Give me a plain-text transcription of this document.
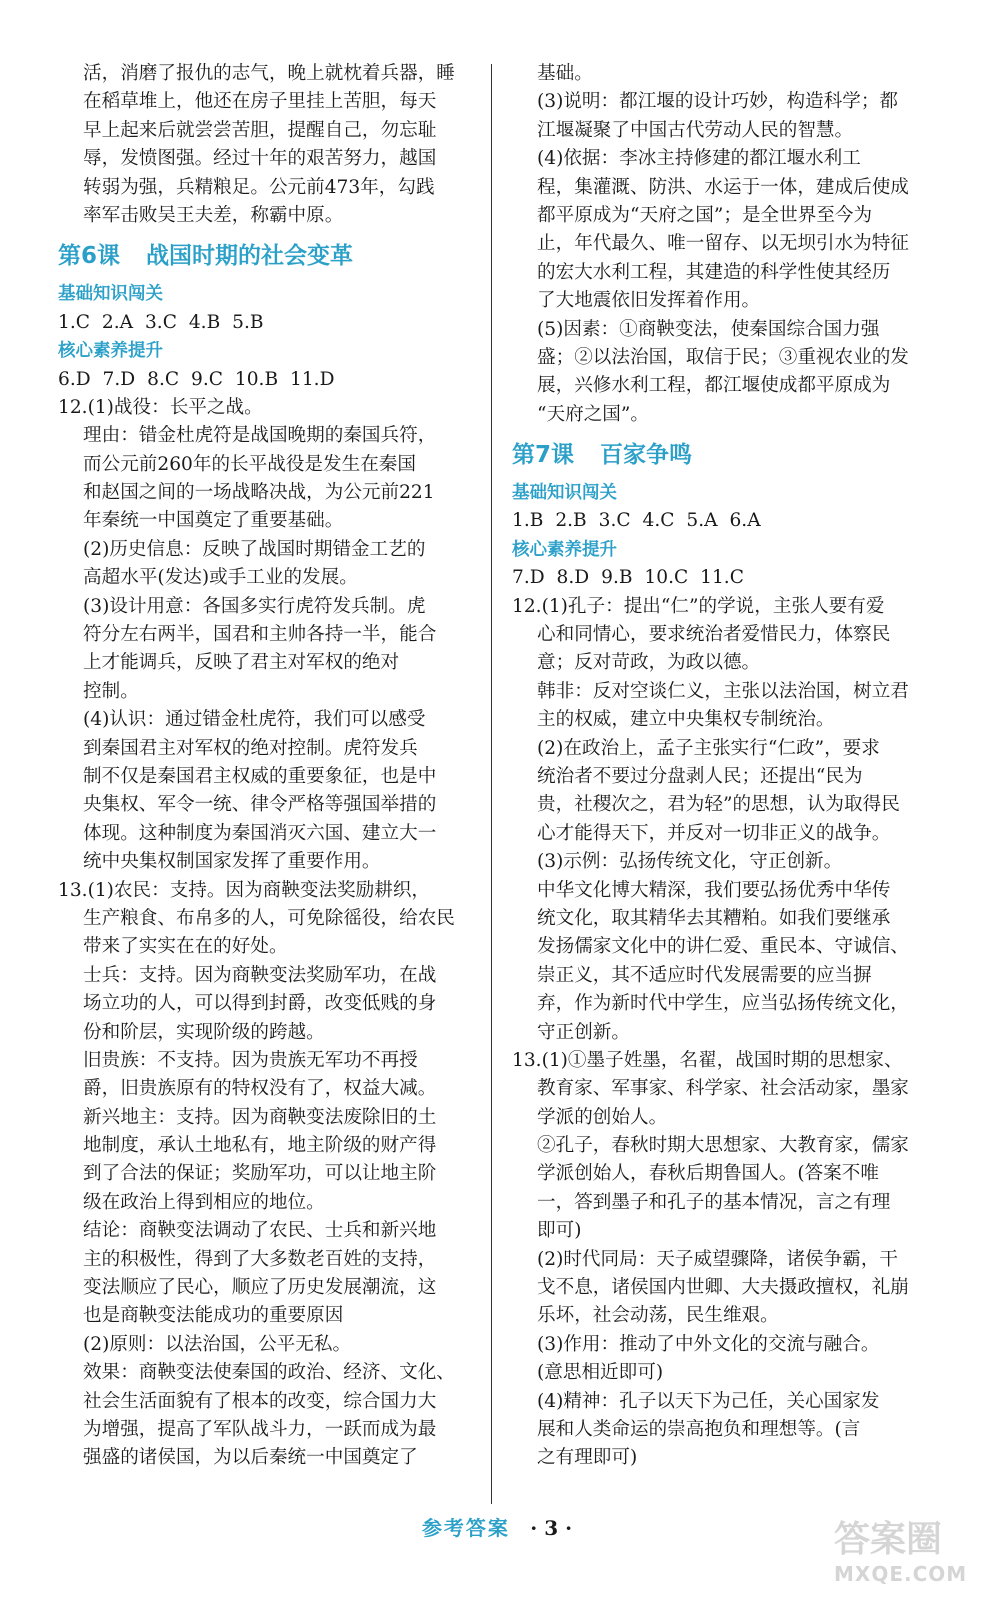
活，消磨了报仇的志气，晚上就枕着兵器，睡
在稻草堆上，他还在房子里挂上苦胆，每天
早上起来后就尝尝苦胆，提醒自己，勿忘耻
辱，发愤图强。经过十年的艰苦努力，越国
转弱为强，兵精粮足。公元前473年，勾践
率军击败吴王夫差，称霸中原。
第6课 战国时期的社会变革
基础知识闯关
1.C 2.A 3.C 4.B 5.B
核心素养提升
6.D 7.D 8.C 9.C 10.B 11.D
12.(1)战役：长平之战。
理由：错金杜虎符是战国晚期的秦国兵符，
而公元前260年的长平战役是发生在秦国
和赵国之间的一场战略决战，为公元前221
年秦统一中国奠定了重要基础。
(2)历史信息：反映了战国时期错金工艺的
高超水平(发达)或手工业的发展。
(3)设计用意：各国多实行虎符发兵制。虎
符分左右两半，国君和主帅各持一半，能合
上才能调兵，反映了君主对军权的绝对
控制。
(4)认识：通过错金杜虎符，我们可以感受
到秦国君主对军权的绝对控制。虎符发兵
制不仅是秦国君主权威的重要象征，也是中
央集权、军令一统、律令严格等强国举措的
体现。这种制度为秦国消灭六国、建立大一
统中央集权制国家发挥了重要作用。
13.(1)农民：支持。因为商鞅变法奖励耕织，
生产粮食、布帛多的人，可免除徭役，给农民
带来了实实在在的好处。
士兵：支持。因为商鞅变法奖励军功，在战
场立功的人，可以得到封爵，改变低贱的身
份和阶层，实现阶级的跨越。
旧贵族：不支持。因为贵族无军功不再授
爵，旧贵族原有的特权没有了，权益大减。
新兴地主：支持。因为商鞅变法废除旧的土
地制度，承认土地私有，地主阶级的财产得
到了合法的保证；奖励军功，可以让地主阶
级在政治上得到相应的地位。
结论：商鞅变法调动了农民、士兵和新兴地
主的积极性，得到了大多数老百姓的支持，
变法顺应了民心，顺应了历史发展潮流，这
也是商鞅变法能成功的重要原因
(2)原则：以法治国，公平无私。
效果：商鞅变法使秦国的政治、经济、文化、
社会生活面貌有了根本的改变，综合国力大
为增强，提高了军队战斗力，一跃而成为最
强盛的诸侯国，为以后秦统一中国奠定了
基础。
(3)说明：都江堰的设计巧妙，构造科学；都
江堰凝聚了中国古代劳动人民的智慧。
(4)依据：李冰主持修建的都江堰水利工
程，集灌溉、防洪、水运于一体，建成后使成
都平原成为“天府之国”；是全世界至今为
止，年代最久、唯一留存、以无坝引水为特征
的宏大水利工程，其建造的科学性使其经历
了大地震依旧发挥着作用。
(5)因素：①商鞅变法，使秦国综合国力强
盛；②以法治国，取信于民；③重视农业的发
展，兴修水利工程，都江堰使成都平原成为
“天府之国”。
第7课 百家争鸣
基础知识闯关
1.B 2.B 3.C 4.C 5.A 6.A
核心素养提升
7.D 8.D 9.B 10.C 11.C
12.(1)孔子：提出“仁”的学说，主张人要有爱
心和同情心，要求统治者爱惜民力，体察民
意；反对苛政，为政以德。
韩非：反对空谈仁义，主张以法治国，树立君
主的权威，建立中央集权专制统治。
(2)在政治上，孟子主张实行“仁政”，要求
统治者不要过分盘剥人民；还提出“民为
贵，社稷次之，君为轻”的思想，认为取得民
心才能得天下，并反对一切非正义的战争。
(3)示例：弘扬传统文化，守正创新。
中华文化博大精深，我们要弘扬优秀中华传
统文化，取其精华去其糟粕。如我们要继承
发扬儒家文化中的讲仁爱、重民本、守诚信、
崇正义，其不适应时代发展需要的应当摒
弃，作为新时代中学生，应当弘扬传统文化，
守正创新。
13.(1)①墨子姓墨，名翟，战国时期的思想家、
教育家、军事家、科学家、社会活动家，墨家
学派的创始人。
②孔子，春秋时期大思想家、大教育家，儒家
学派创始人，春秋后期鲁国人。(答案不唯
一，答到墨子和孔子的基本情况，言之有理
即可)
(2)时代同局：天子威望骤降，诸侯争霸，干
戈不息，诸侯国内世卿、大夫摄政擅权，礼崩
乐坏，社会动荡，民生维艰。
(3)作用：推动了中外文化的交流与融合。
(意思相近即可)
(4)精神：孔子以天下为己任，关心国家发
展和人类命运的崇高抱负和理想等。(言
之有理即可)
参考答案 · 3 ·	答案圈
MXQE.COM
